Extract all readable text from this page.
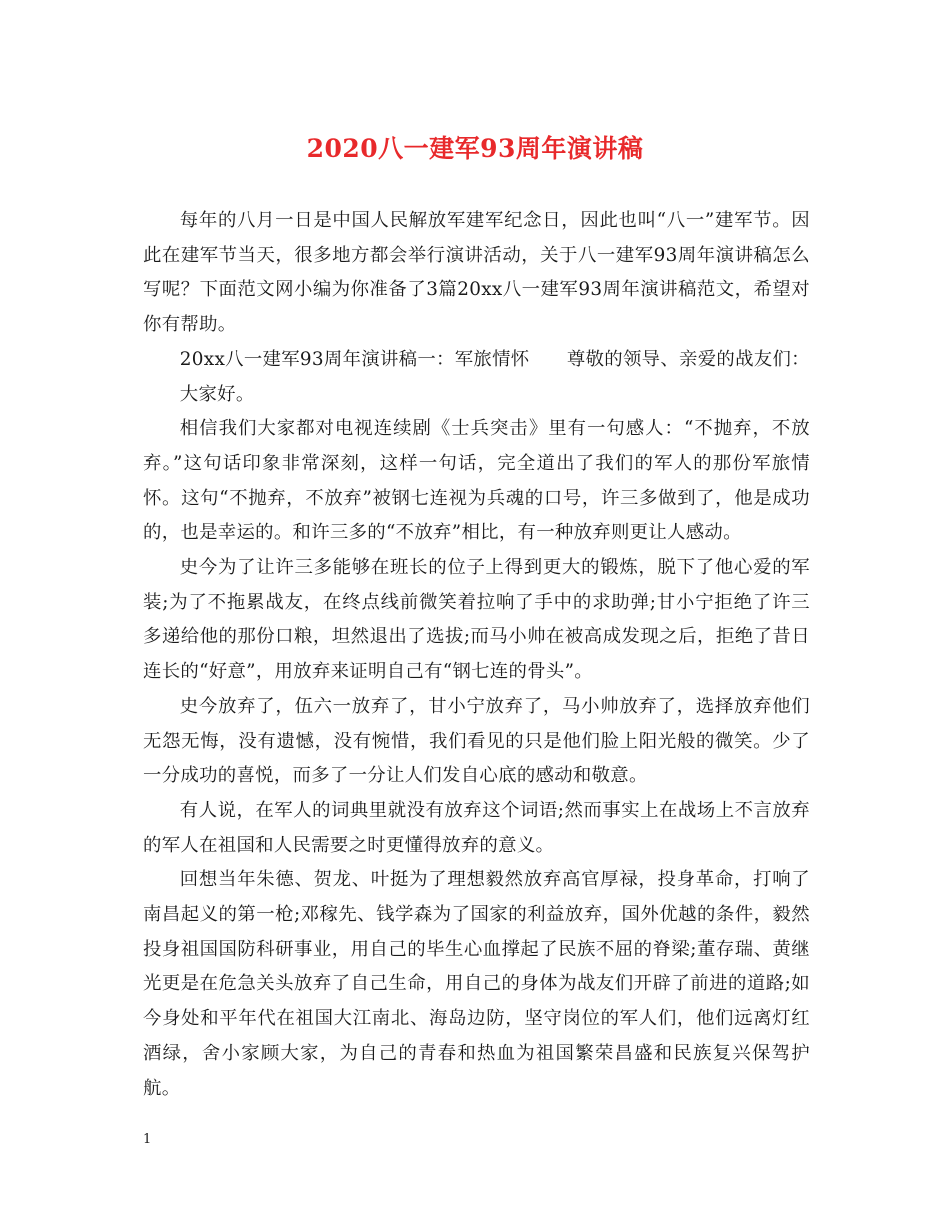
2020八一建军93周年演讲稿

每年的八月一日是中国人民解放军建军纪念日，因此也叫“八一”建军节。因此在建军节当天，很多地方都会举行演讲活动，关于八一建军93周年演讲稿怎么写呢？下面范文网小编为你准备了3篇20xx八一建军93周年演讲稿范文，希望对你有帮助。

20xx八一建军93周年演讲稿一：军旅情怀　　尊敬的领导、亲爱的战友们：

大家好。

相信我们大家都对电视连续剧《士兵突击》里有一句感人：“不抛弃，不放弃。”这句话印象非常深刻，这样一句话，完全道出了我们的军人的那份军旅情怀。这句“不抛弃，不放弃”被钢七连视为兵魂的口号，许三多做到了，他是成功的，也是幸运的。和许三多的“不放弃”相比，有一种放弃则更让人感动。

史今为了让许三多能够在班长的位子上得到更大的锻炼，脱下了他心爱的军装;为了不拖累战友，在终点线前微笑着拉响了手中的求助弹;甘小宁拒绝了许三多递给他的那份口粮，坦然退出了选拔;而马小帅在被高成发现之后，拒绝了昔日连长的“好意”，用放弃来证明自己有“钢七连的骨头”。

史今放弃了，伍六一放弃了，甘小宁放弃了，马小帅放弃了，选择放弃他们无怨无悔，没有遗憾，没有惋惜，我们看见的只是他们脸上阳光般的微笑。少了一分成功的喜悦，而多了一分让人们发自心底的感动和敬意。

有人说，在军人的词典里就没有放弃这个词语;然而事实上在战场上不言放弃的军人在祖国和人民需要之时更懂得放弃的意义。

回想当年朱德、贺龙、叶挺为了理想毅然放弃高官厚禄，投身革命，打响了南昌起义的第一枪;邓稼先、钱学森为了国家的利益放弃，国外优越的条件，毅然投身祖国国防科研事业，用自己的毕生心血撑起了民族不屈的脊梁;董存瑞、黄继光更是在危急关头放弃了自己生命，用自己的身体为战友们开辟了前进的道路;如今身处和平年代在祖国大江南北、海岛边防，坚守岗位的军人们，他们远离灯红酒绿，舍小家顾大家，为自己的青春和热血为祖国繁荣昌盛和民族复兴保驾护航。

1
